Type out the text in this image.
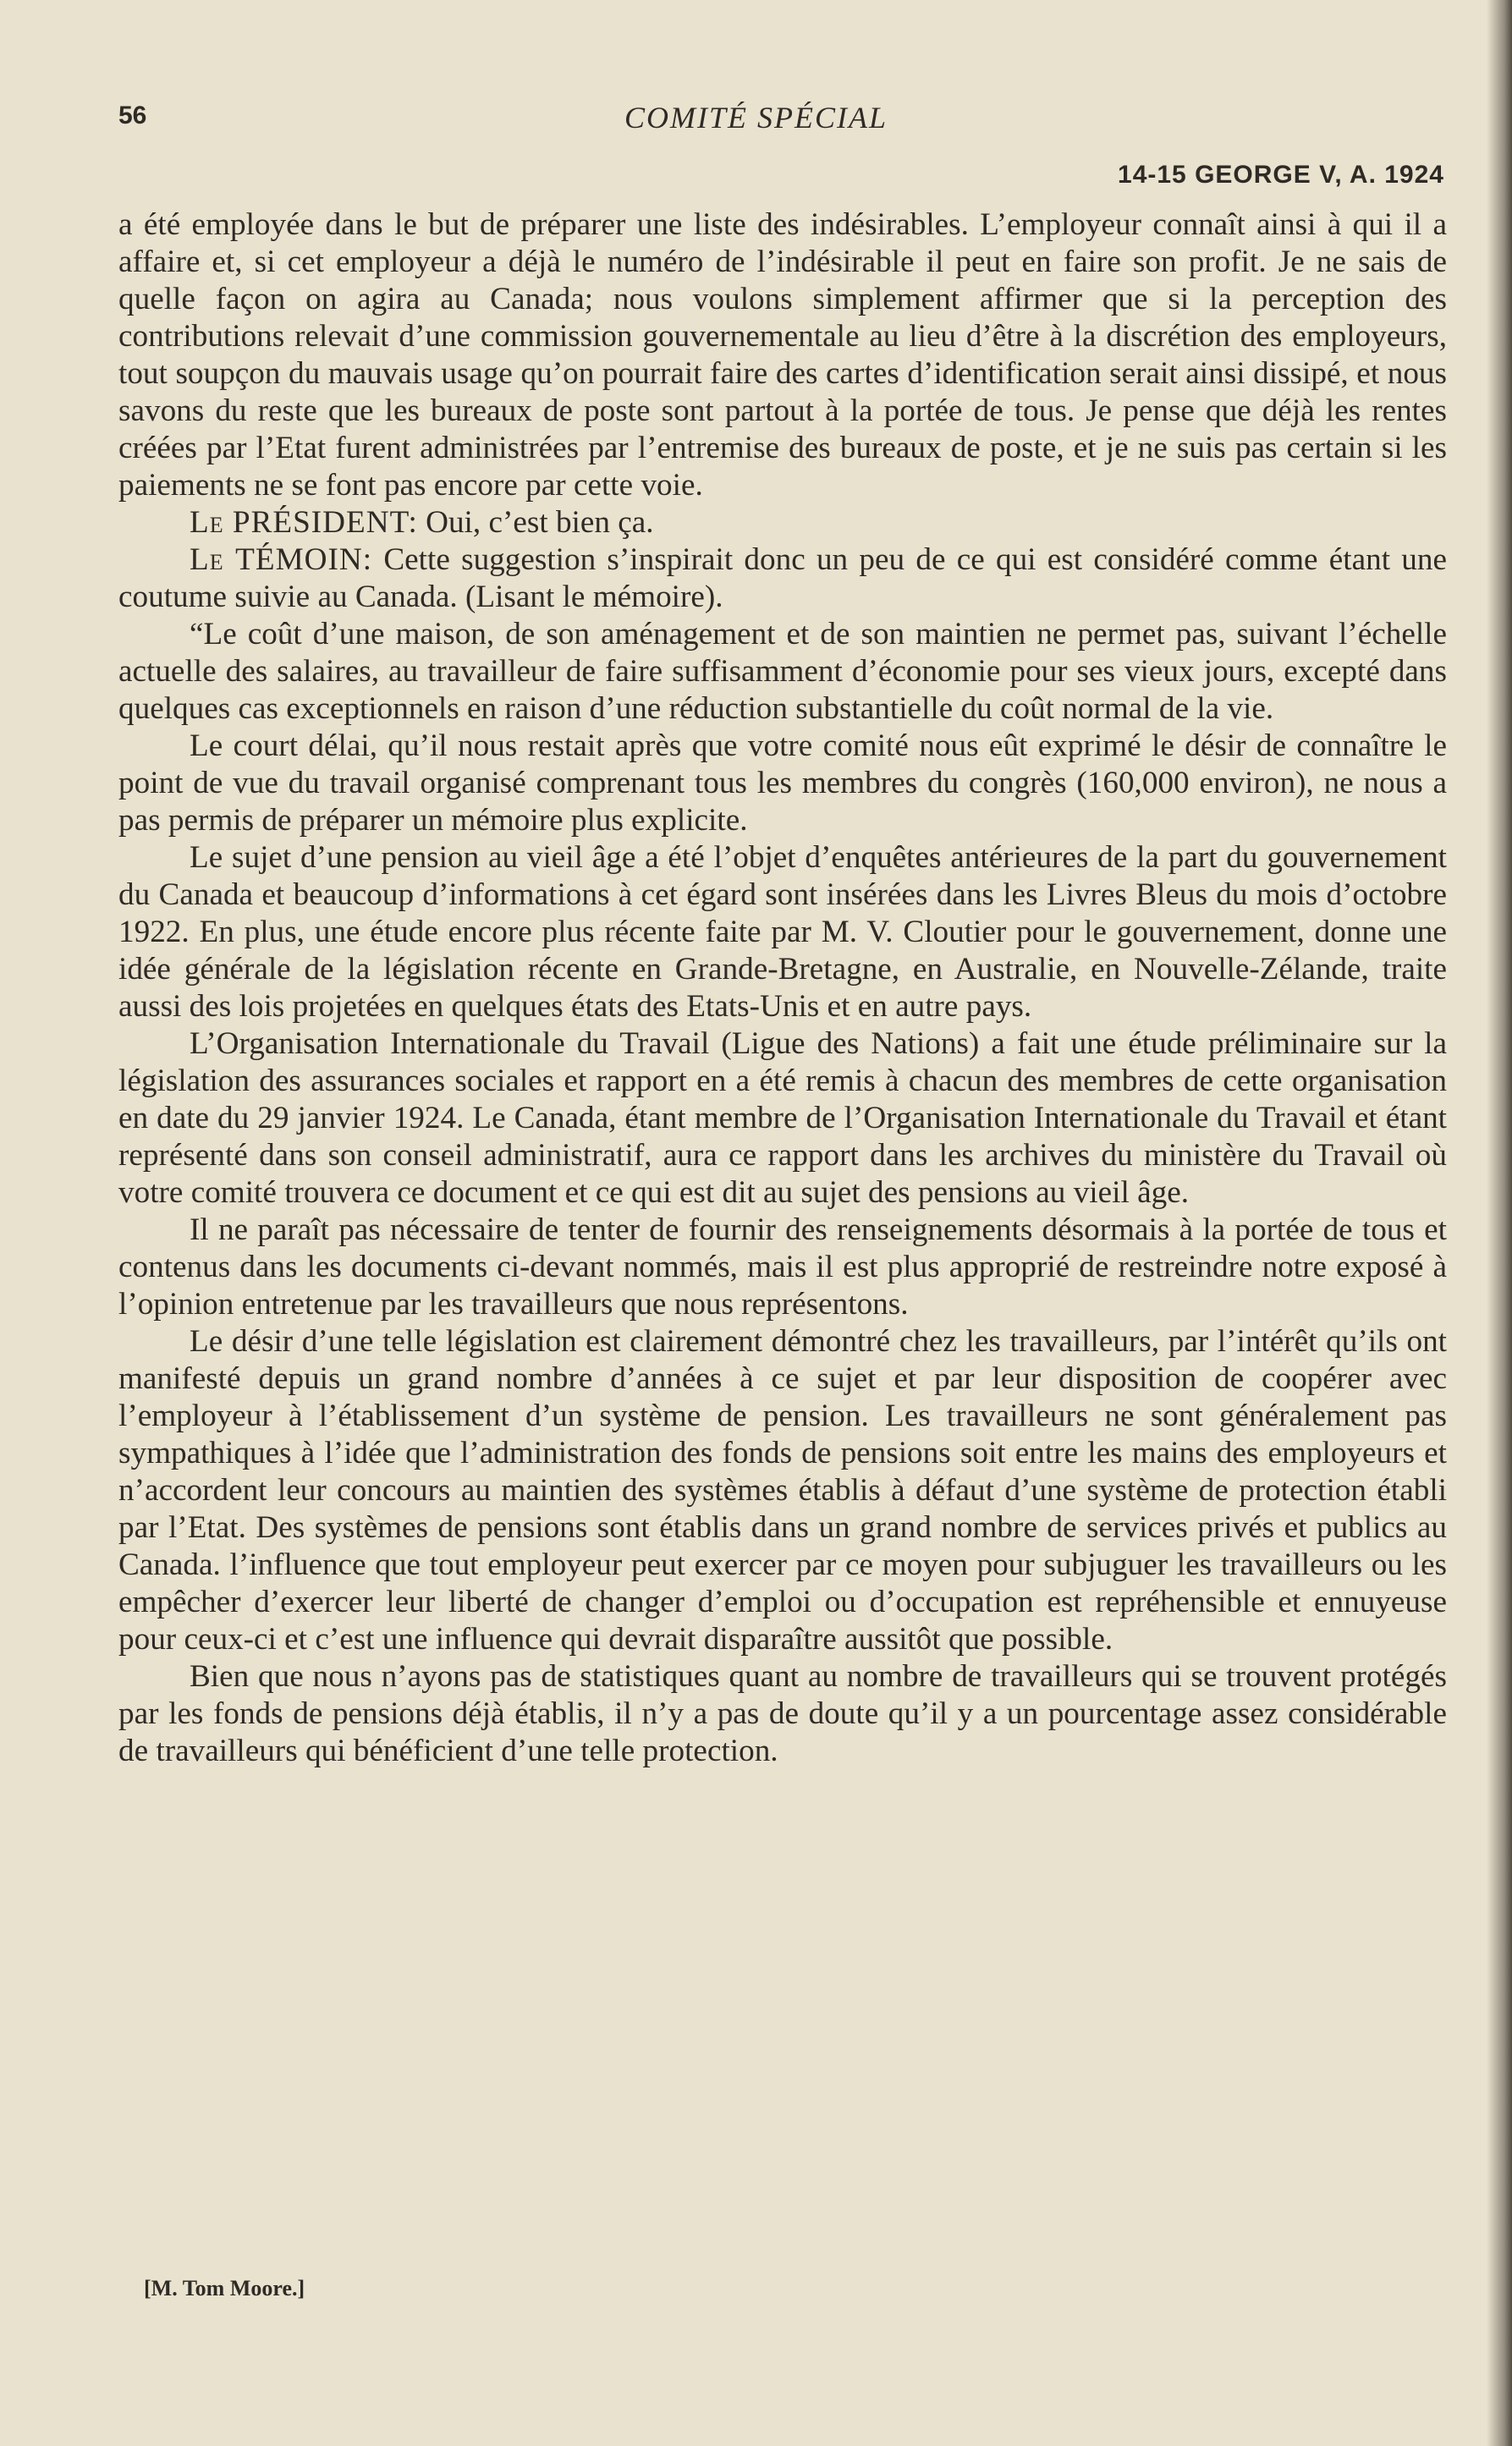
56	COMITÉ SPÉCIAL
14-15 GEORGE V, A. 1924

a été employée dans le but de préparer une liste des indésirables. L’employeur connaît ainsi à qui il a affaire et, si cet employeur a déjà le numéro de l’indésirable il peut en faire son profit. Je ne sais de quelle façon on agira au Canada; nous voulons simplement affirmer que si la perception des contributions relevait d’une commission gouvernementale au lieu d’être à la discrétion des employeurs, tout soupçon du mauvais usage qu’on pourrait faire des cartes d’identification serait ainsi dissipé, et nous savons du reste que les bureaux de poste sont partout à la portée de tous. Je pense que déjà les rentes créées par l’Etat furent administrées par l’entremise des bureaux de poste, et je ne suis pas certain si les paiements ne se font pas encore par cette voie.

Le PRÉSIDENT: Oui, c’est bien ça.

Le TÉMOIN: Cette suggestion s’inspirait donc un peu de ce qui est considéré comme étant une coutume suivie au Canada. (Lisant le mémoire).

“Le coût d’une maison, de son aménagement et de son maintien ne permet pas, suivant l’échelle actuelle des salaires, au travailleur de faire suffisamment d’économie pour ses vieux jours, excepté dans quelques cas exceptionnels en raison d’une réduction substantielle du coût normal de la vie.

Le court délai, qu’il nous restait après que votre comité nous eût exprimé le désir de connaître le point de vue du travail organisé comprenant tous les membres du congrès (160,000 environ), ne nous a pas permis de préparer un mémoire plus explicite.

Le sujet d’une pension au vieil âge a été l’objet d’enquêtes antérieures de la part du gouvernement du Canada et beaucoup d’informations à cet égard sont insérées dans les Livres Bleus du mois d’octobre 1922. En plus, une étude encore plus récente faite par M. V. Cloutier pour le gouvernement, donne une idée générale de la législation récente en Grande-Bretagne, en Australie, en Nouvelle-Zélande, traite aussi des lois projetées en quelques états des Etats-Unis et en autre pays.

L’Organisation Internationale du Travail (Ligue des Nations) a fait une étude préliminaire sur la législation des assurances sociales et rapport en a été remis à chacun des membres de cette organisation en date du 29 janvier 1924. Le Canada, étant membre de l’Organisation Internationale du Travail et étant représenté dans son conseil administratif, aura ce rapport dans les archives du ministère du Travail où votre comité trouvera ce document et ce qui est dit au sujet des pensions au vieil âge.

Il ne paraît pas nécessaire de tenter de fournir des renseignements désormais à la portée de tous et contenus dans les documents ci-devant nommés, mais il est plus approprié de restreindre notre exposé à l’opinion entretenue par les travailleurs que nous représentons.

Le désir d’une telle législation est clairement démontré chez les travailleurs, par l’intérêt qu’ils ont manifesté depuis un grand nombre d’années à ce sujet et par leur disposition de coopérer avec l’employeur à l’établissement d’un système de pension. Les travailleurs ne sont généralement pas sympathiques à l’idée que l’administration des fonds de pensions soit entre les mains des employeurs et n’accordent leur concours au maintien des systèmes établis à défaut d’une système de protection établi par l’Etat. Des systèmes de pensions sont établis dans un grand nombre de services privés et publics au Canada. l’influence que tout employeur peut exercer par ce moyen pour subjuguer les travailleurs ou les empêcher d’exercer leur liberté de changer d’emploi ou d’occupation est repréhensible et ennuyeuse pour ceux-ci et c’est une influence qui devrait disparaître aussitôt que possible.

Bien que nous n’ayons pas de statistiques quant au nombre de travailleurs qui se trouvent protégés par les fonds de pensions déjà établis, il n’y a pas de doute qu’il y a un pourcentage assez considérable de travailleurs qui bénéficient d’une telle protection.

[M. Tom Moore.]
